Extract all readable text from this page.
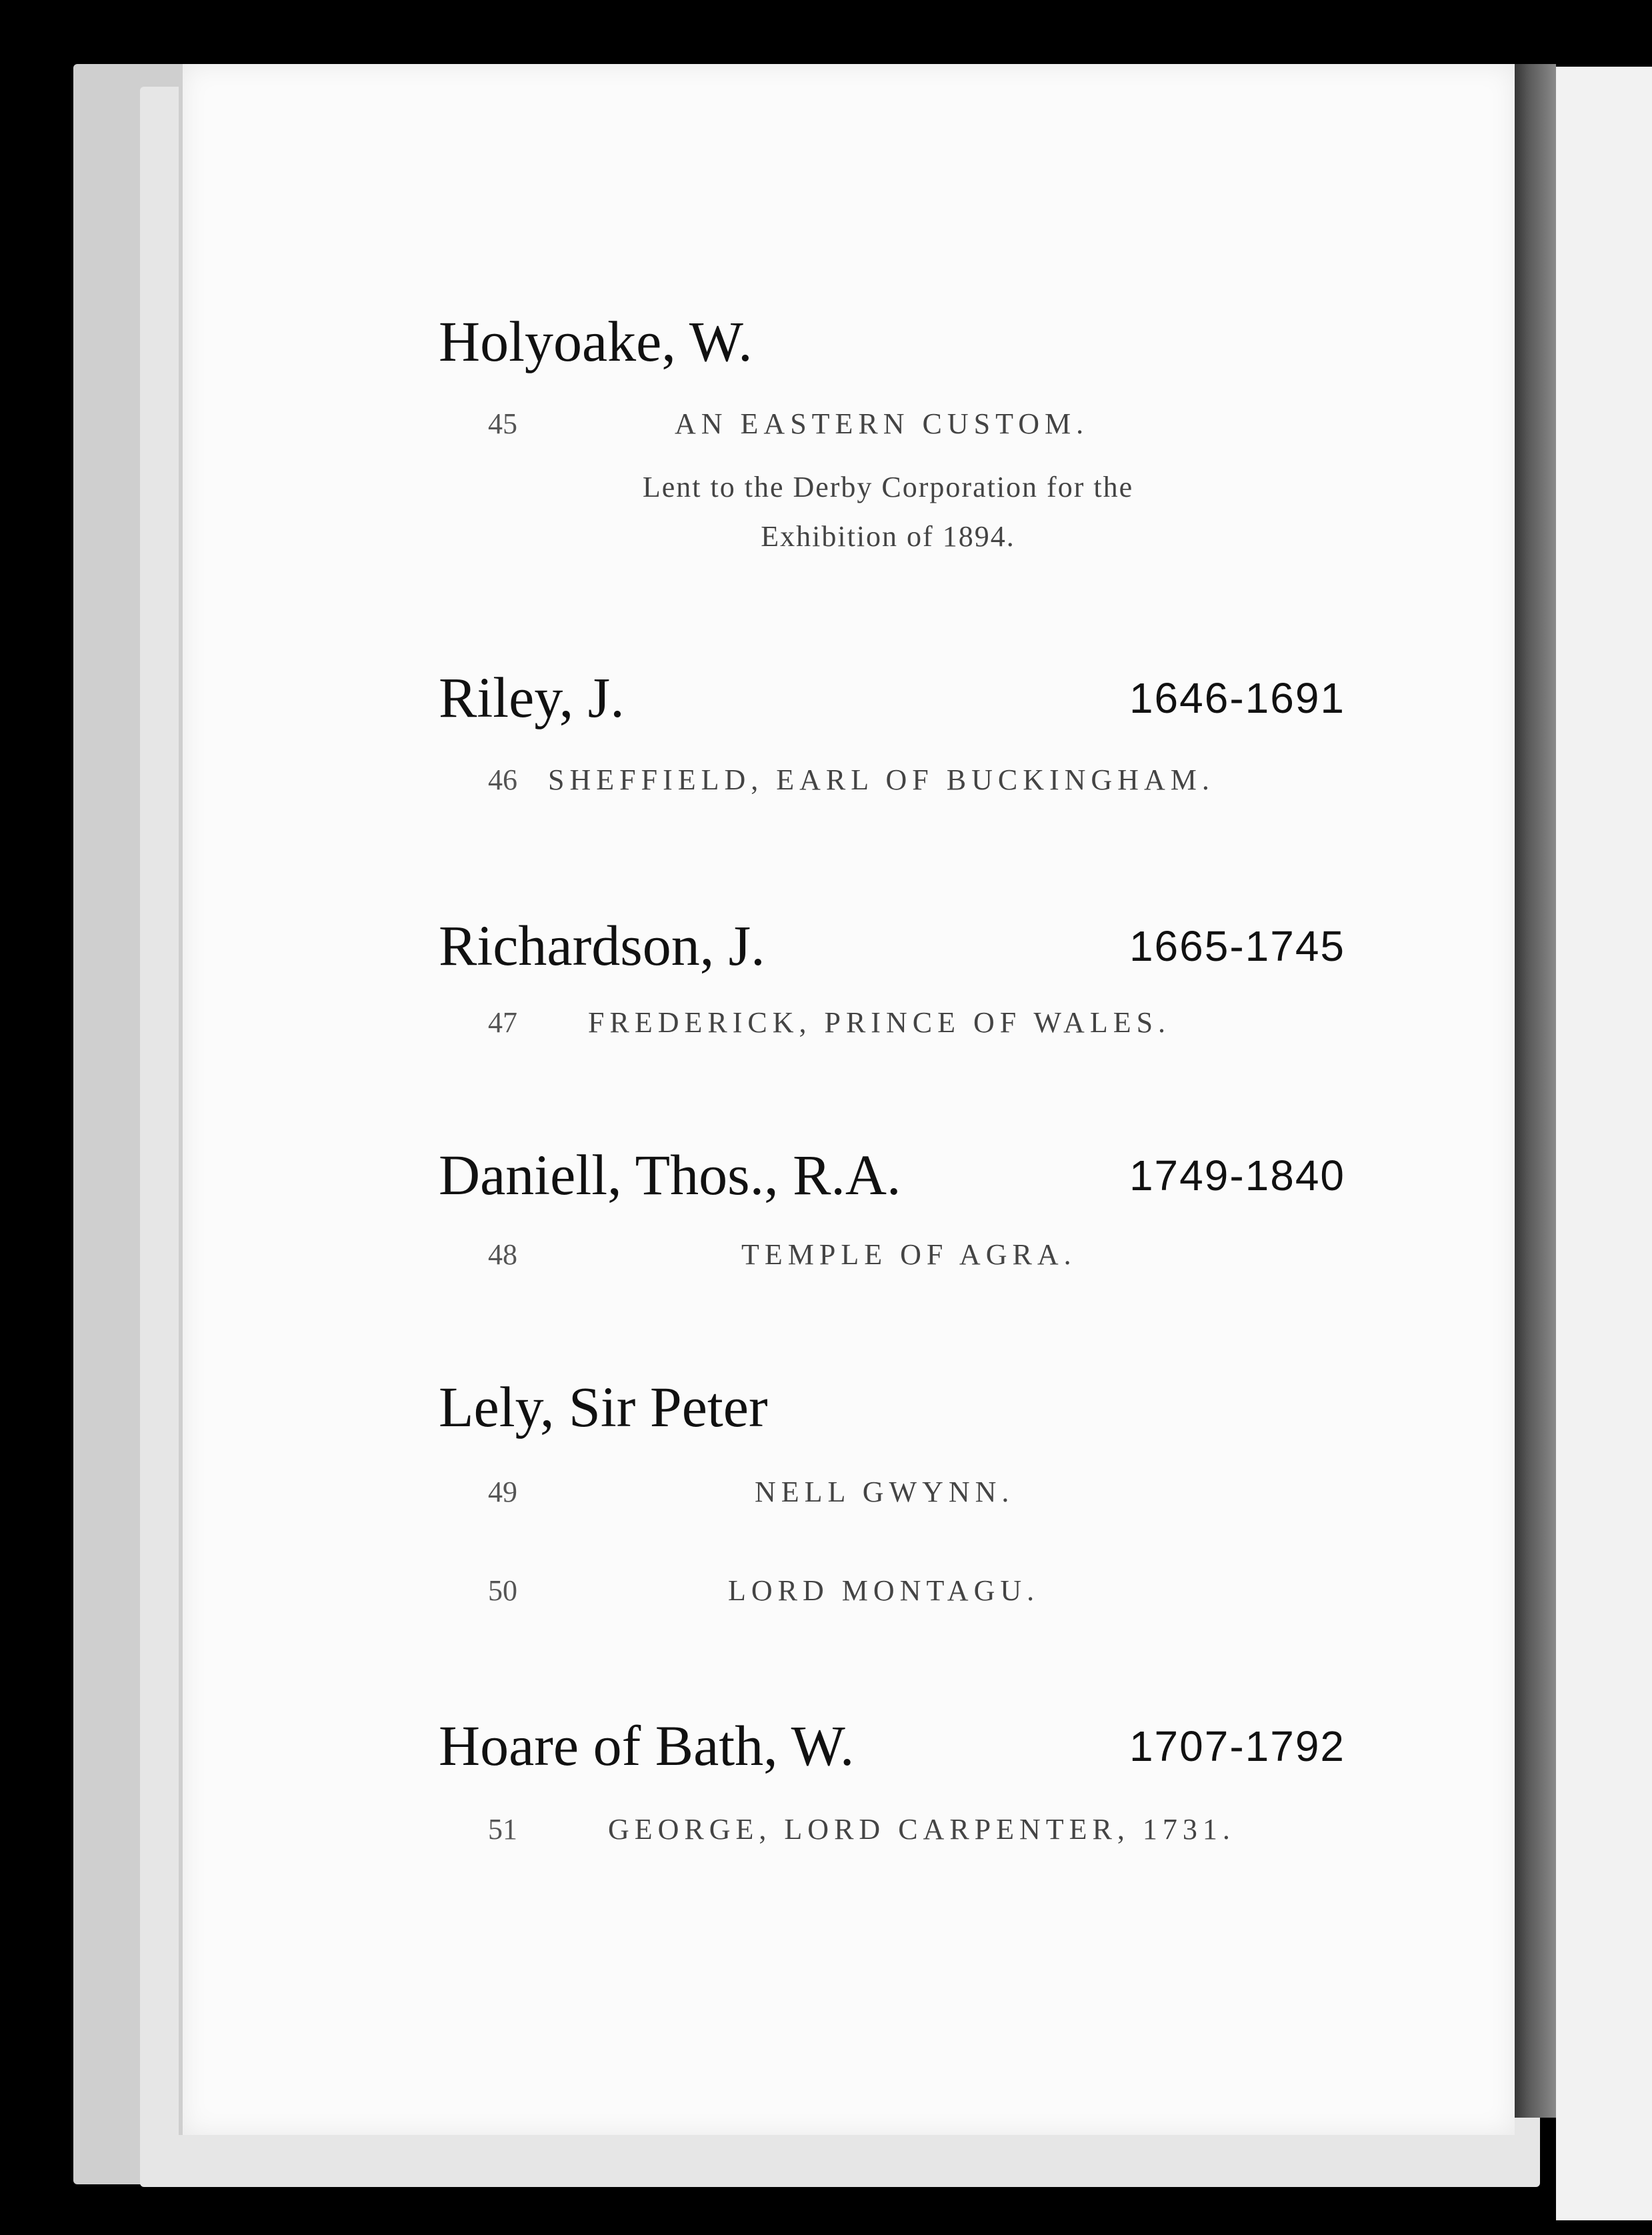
Holyoake, W.
45	AN EASTERN CUSTOM.
Lent to the Derby Corporation for the
Exhibition of 1894.
Riley, J.	1646-1691
46 SHEFFIELD, EARL OF BUCKINGHAM.
Richardson, J.	1665-1745
47 FREDERICK, PRINCE OF WALES.
Daniell, Thos., R.A.	1749-1840
48	TEMPLE OF AGRA.
Lely, Sir Peter
49	NELL GWYNN.
50	LORD MONTAGU.
Hoare of Bath, W.	1707-1792
51	GEORGE, LORD CARPENTER, 1731.
